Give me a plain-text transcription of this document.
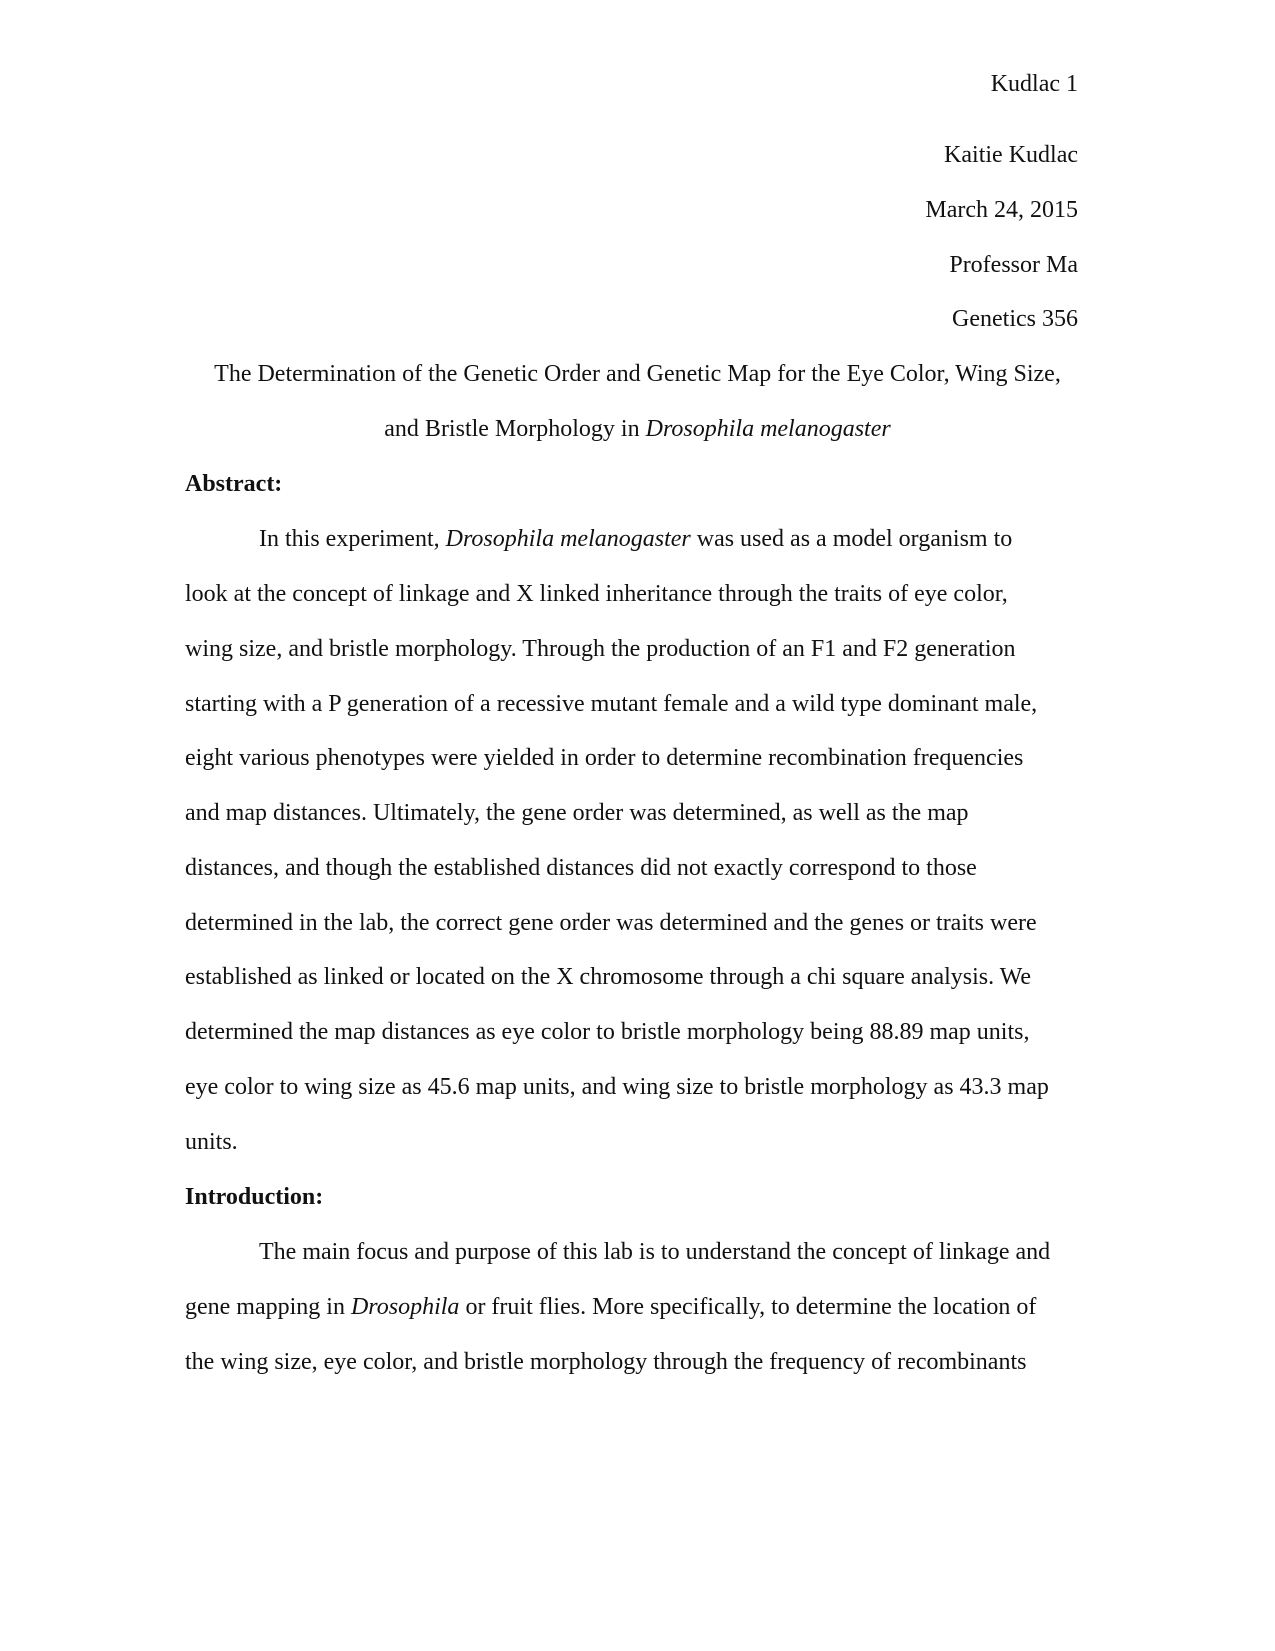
Kudlac 1
Kaitie Kudlac
March 24, 2015
Professor Ma
Genetics 356
The Determination of the Genetic Order and Genetic Map for the Eye Color, Wing Size,
and Bristle Morphology in Drosophila melanogaster
Abstract:
In this experiment, Drosophila melanogaster was used as a model organism to
look at the concept of linkage and X linked inheritance through the traits of eye color,
wing size, and bristle morphology. Through the production of an F1 and F2 generation
starting with a P generation of a recessive mutant female and a wild type dominant male,
eight various phenotypes were yielded in order to determine recombination frequencies
and map distances. Ultimately, the gene order was determined, as well as the map
distances, and though the established distances did not exactly correspond to those
determined in the lab, the correct gene order was determined and the genes or traits were
established as linked or located on the X chromosome through a chi square analysis. We
determined the map distances as eye color to bristle morphology being 88.89 map units,
eye color to wing size as 45.6 map units, and wing size to bristle morphology as 43.3 map
units.
Introduction:
The main focus and purpose of this lab is to understand the concept of linkage and
gene mapping in Drosophila or fruit flies. More specifically, to determine the location of
the wing size, eye color, and bristle morphology through the frequency of recombinants
